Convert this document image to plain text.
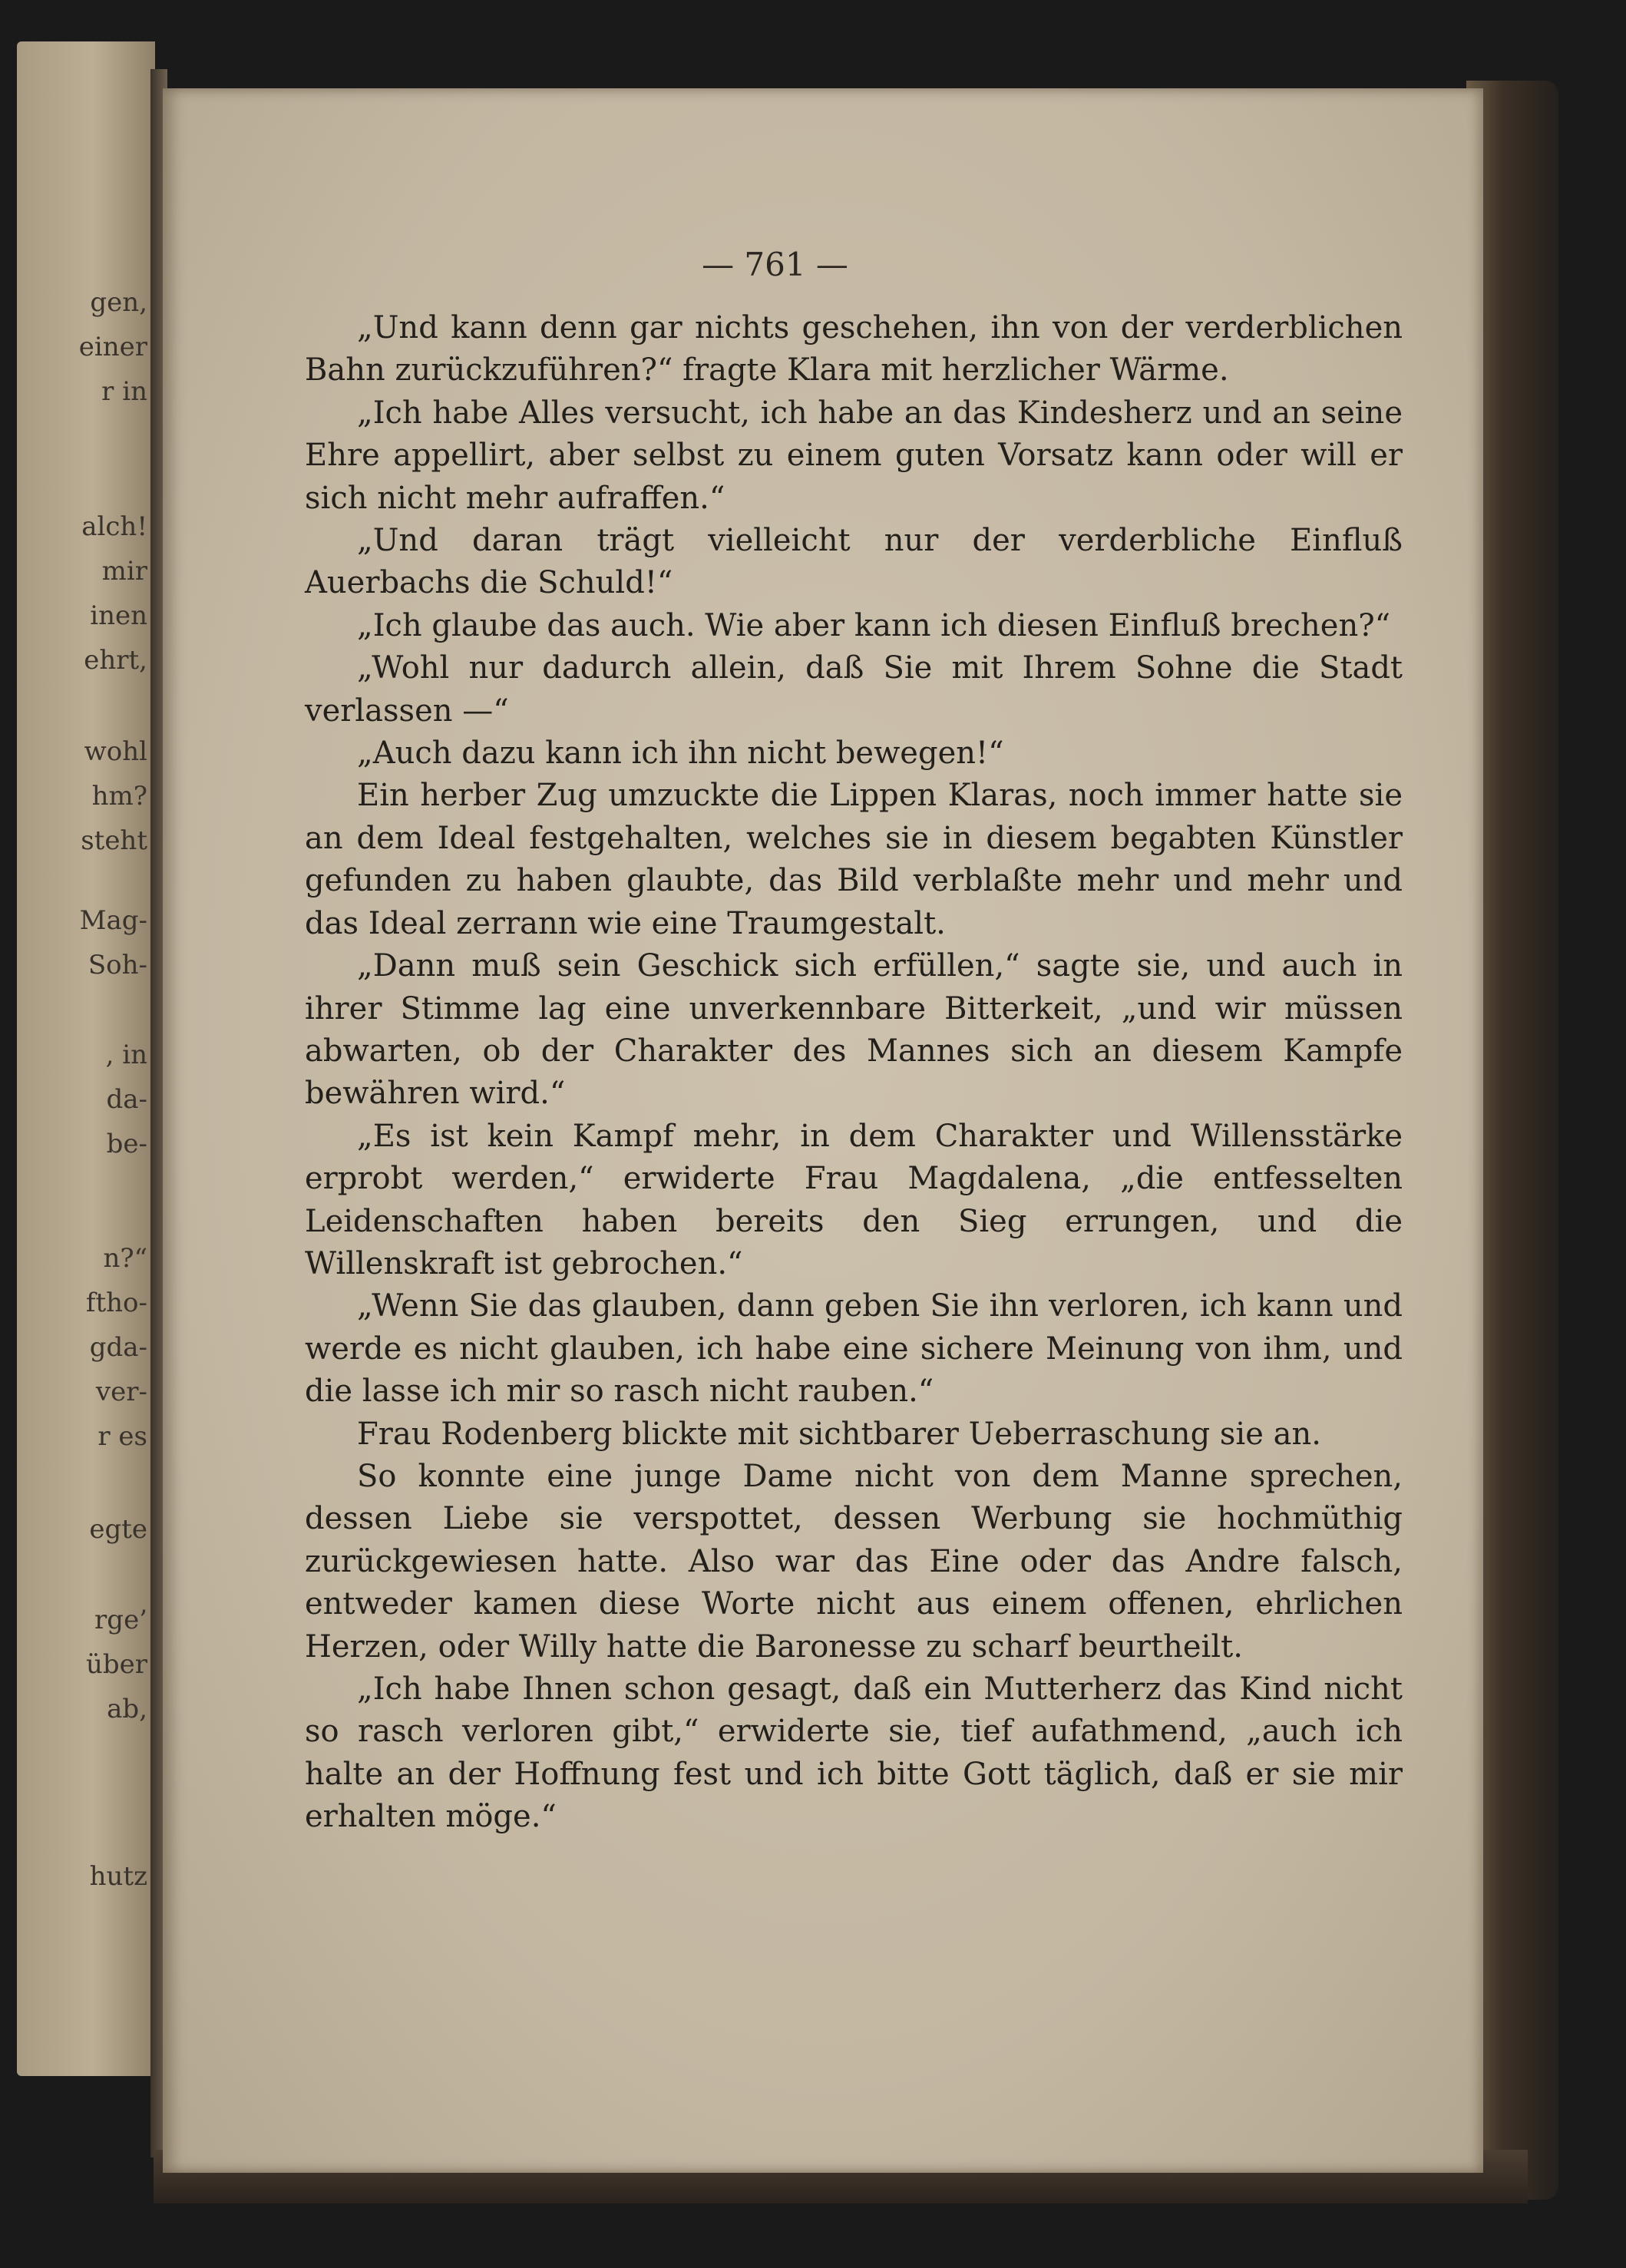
gen,
einer
r in
alch!
mir
inen
ehrt,
wohl
hm?
steht
Mag-
Soh-
, in
da-
be-
n?“
ftho-
gda-
ver-
r es
egte
rge’
über
ab,
hutz
— 761 —

„Und kann denn gar nichts geschehen, ihn von der verderblichen Bahn zurückzuführen?“ fragte Klara mit herzlicher Wärme.

„Ich habe Alles versucht, ich habe an das Kindesherz und an seine Ehre appellirt, aber selbst zu einem guten Vorsatz kann oder will er sich nicht mehr aufraffen.“

„Und daran trägt vielleicht nur der verderbliche Einfluß Auerbachs die Schuld!“

„Ich glaube das auch. Wie aber kann ich diesen Einfluß brechen?“

„Wohl nur dadurch allein, daß Sie mit Ihrem Sohne die Stadt verlassen —“

„Auch dazu kann ich ihn nicht bewegen!“

Ein herber Zug umzuckte die Lippen Klaras, noch immer hatte sie an dem Ideal festgehalten, welches sie in diesem begabten Künstler gefunden zu haben glaubte, das Bild verblaßte mehr und mehr und das Ideal zerrann wie eine Traumgestalt.

„Dann muß sein Geschick sich erfüllen,“ sagte sie, und auch in ihrer Stimme lag eine unverkennbare Bitterkeit, „und wir müssen abwarten, ob der Charakter des Mannes sich an diesem Kampfe bewähren wird.“

„Es ist kein Kampf mehr, in dem Charakter und Willensstärke erprobt werden,“ erwiderte Frau Magdalena, „die entfesselten Leidenschaften haben bereits den Sieg errungen, und die Willenskraft ist gebrochen.“

„Wenn Sie das glauben, dann geben Sie ihn verloren, ich kann und werde es nicht glauben, ich habe eine sichere Meinung von ihm, und die lasse ich mir so rasch nicht rauben.“

Frau Rodenberg blickte mit sichtbarer Ueberraschung sie an.

So konnte eine junge Dame nicht von dem Manne sprechen, dessen Liebe sie verspottet, dessen Werbung sie hochmüthig zurückgewiesen hatte. Also war das Eine oder das Andre falsch, entweder kamen diese Worte nicht aus einem offenen, ehrlichen Herzen, oder Willy hatte die Baronesse zu scharf beurtheilt.

„Ich habe Ihnen schon gesagt, daß ein Mutterherz das Kind nicht so rasch verloren gibt,“ erwiderte sie, tief aufathmend, „auch ich halte an der Hoffnung fest und ich bitte Gott täglich, daß er sie mir erhalten möge.“
